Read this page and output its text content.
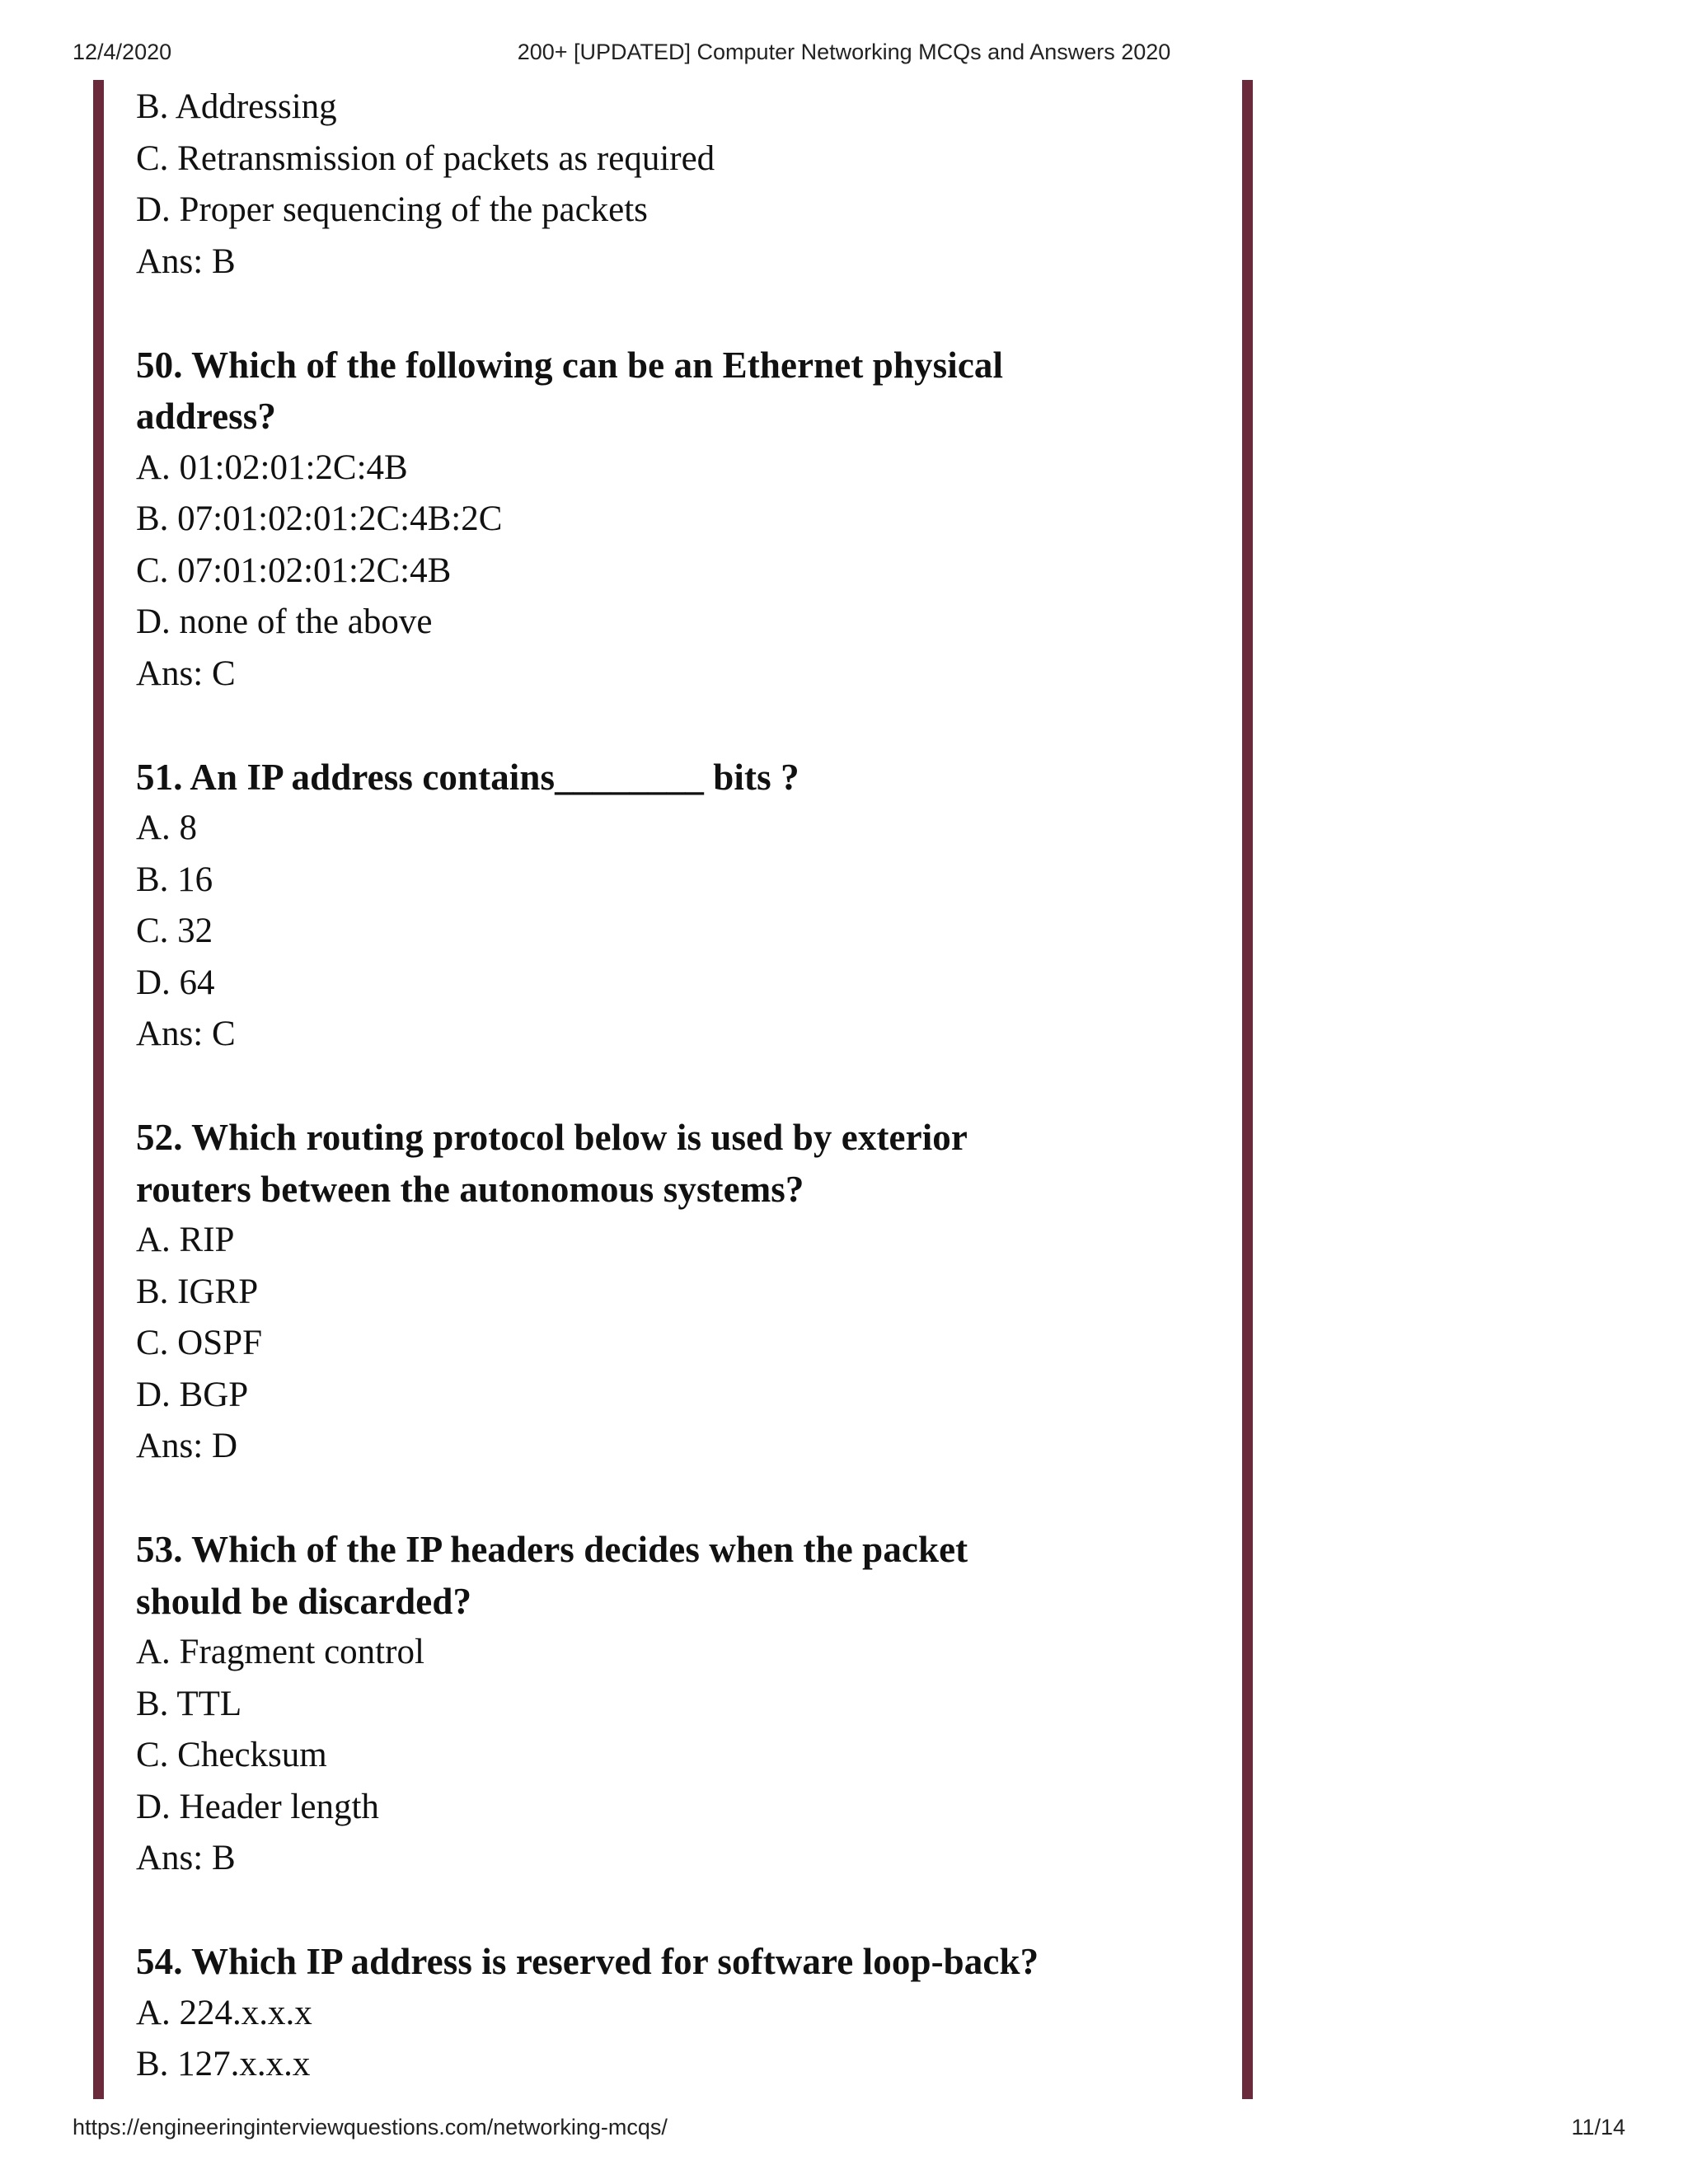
12/4/2020	200+ [UPDATED] Computer Networking MCQs and Answers 2020
B. Addressing
C. Retransmission of packets as required
D. Proper sequencing of the packets
Ans: B
50. Which of the following can be an Ethernet physical
address?
A. 01:02:01:2C:4B
B. 07:01:02:01:2C:4B:2C
C. 07:01:02:01:2C:4B
D. none of the above
Ans: C
51. An IP address contains________ bits ?
A. 8
B. 16
C. 32
D. 64
Ans: C
52. Which routing protocol below is used by exterior
routers between the autonomous systems?
A. RIP
B. IGRP
C. OSPF
D. BGP
Ans: D
53. Which of the IP headers decides when the packet
should be discarded?
A. Fragment control
B. TTL
C. Checksum
D. Header length
Ans: B
54. Which IP address is reserved for software loop-back?
A. 224.x.x.x
B. 127.x.x.x
https://engineeringinterviewquestions.com/networking-mcqs/	11/14
